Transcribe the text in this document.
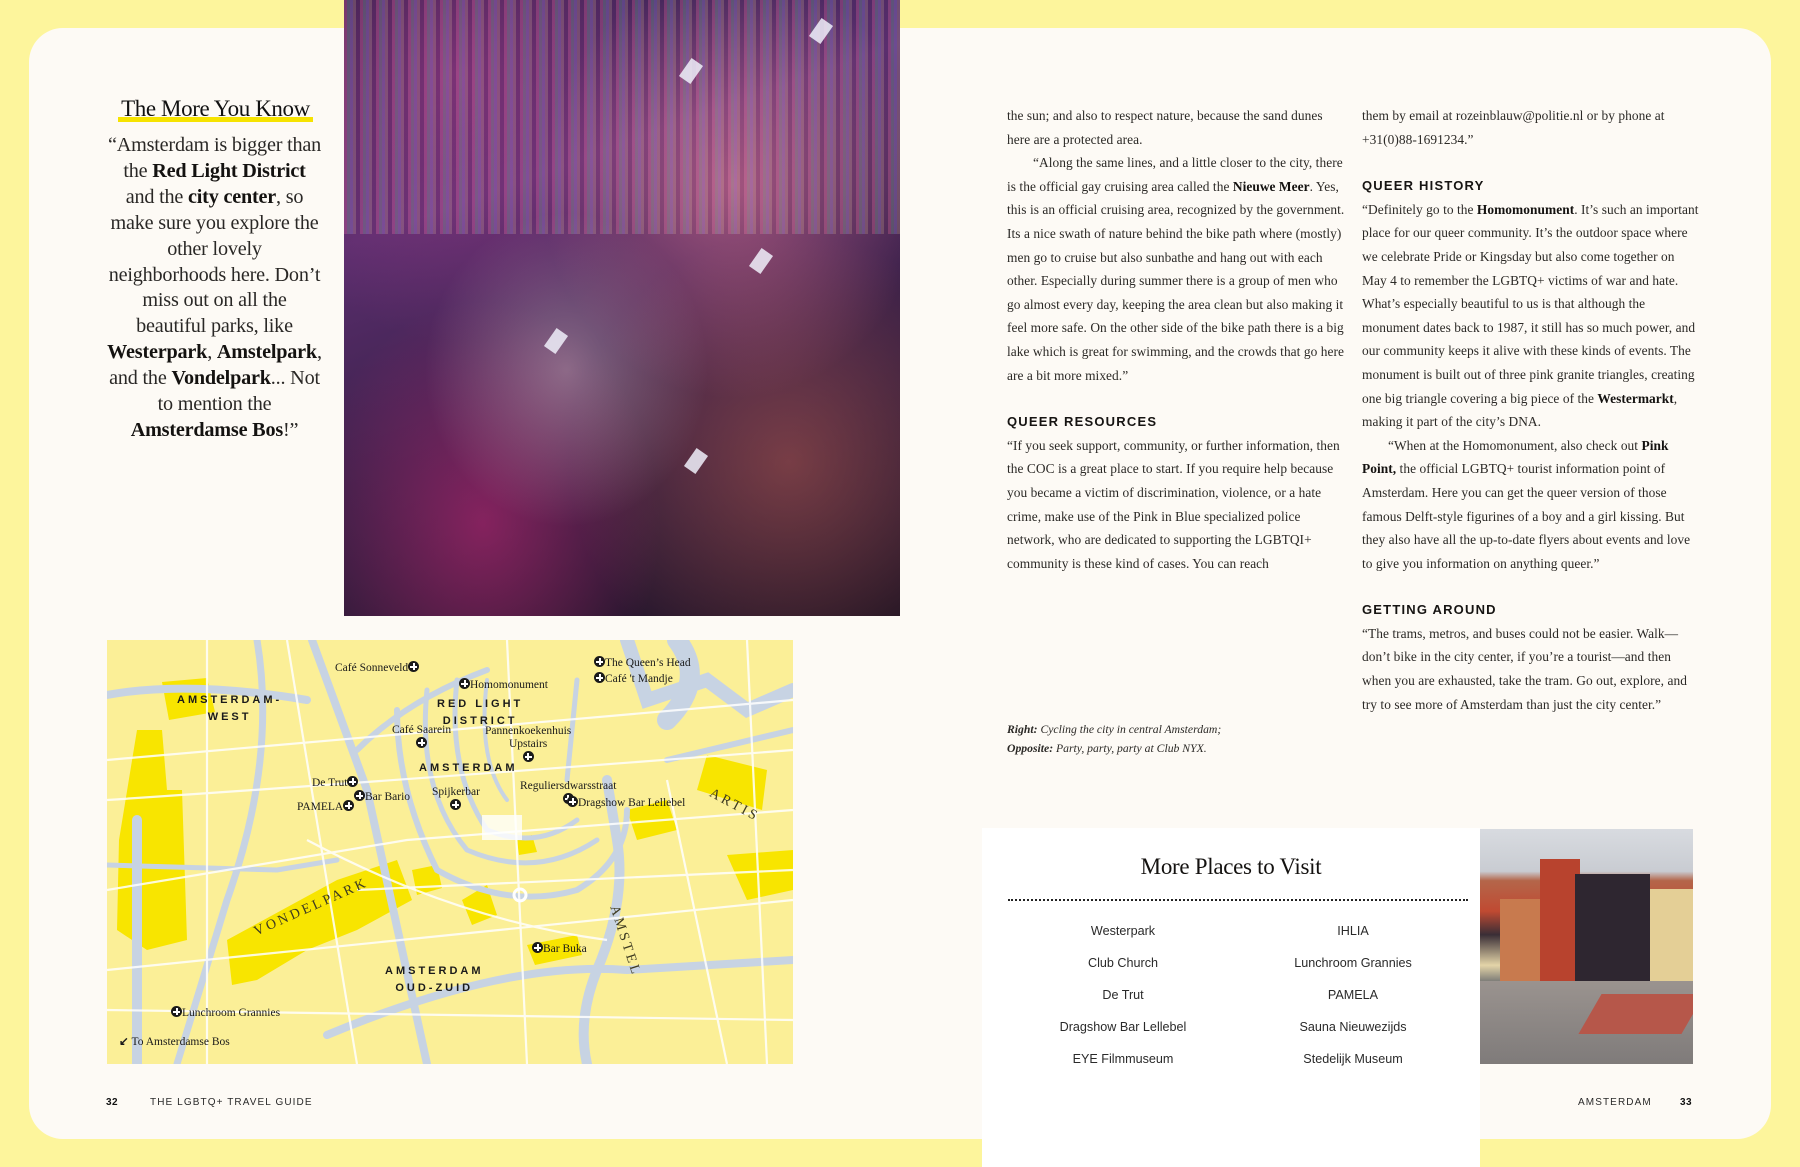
The More You Know
“Amsterdam is bigger than the Red Light District and the city center, so make sure you explore the other lovely neighborhoods here. Don’t miss out on all the beautiful parks, like Westerpark, Amstelpark, and the Vondelpark... Not to mention the Amsterdamse Bos!”
AMSTERDAM-
WEST
RED LIGHT
DISTRICT
AMSTERDAM
AMSTERDAM
OUD-ZUID
VONDELPARK
ARTIS
AMSTEL
Café Sonneveld
Homomonument
The Queen’s Head
Café 't Mandje
Café Saarein	Pannenkoekenhuis
Upstairs

De Trut
Bar Bario
PAMELA
Spijkerbar	Reguliersdwarsstraat

Dragshow Bar Lellebel
Bar Buka
Lunchroom Grannies
↙ To Amsterdamse Bos

the sun; and also to respect nature, because the sand dunes here are a protected area.

“Along the same lines, and a little closer to the city, there is the official gay cruising area called the Nieuwe Meer. Yes, this is an official cruising area, recognized by the government. Its a nice swath of nature behind the bike path where (mostly) men go to cruise but also sunbathe and hang out with each other. Especially during summer there is a group of men who go almost every day, keeping the area clean but also making it feel more safe. On the other side of the bike path there is a big lake which is great for swimming, and the crowds that go here are a bit more mixed.”

QUEER RESOURCES

“If you seek support, community, or further information, then the COC is a great place to start. If you require help because you became a victim of discrimination, violence, or a hate crime, make use of the Pink in Blue specialized police network, who are dedicated to supporting the LGBTQI+ community is these kind of cases. You can reach

them by email at rozeinblauw@politie.nl or by phone at +31(0)88-1691234.”

QUEER HISTORY

“Definitely go to the Homomonument. It’s such an important place for our queer community. It’s the outdoor space where we celebrate Pride or Kingsday but also come together on May 4 to remember the LGBTQ+ victims of war and hate. What’s especially beautiful to us is that although the monument dates back to 1987, it still has so much power, and our community keeps it alive with these kinds of events. The monument is built out of three pink granite triangles, creating one big triangle covering a big piece of the Westermarkt, making it part of the city’s DNA.

“When at the Homomonument, also check out Pink Point, the official LGBTQ+ tourist information point of Amsterdam. Here you can get the queer version of those famous Delft-style figurines of a boy and a girl kissing. But they also have all the up-to-date flyers about events and love to give you information on anything queer.”

GETTING AROUND

“The trams, metros, and buses could not be easier. Walk—don’t bike in the city center, if you’re a tourist—and then when you are exhausted, take the tram. Go out, explore, and try to see more of Amsterdam than just the city center.”

Right: Cycling the city in central Amsterdam; Opposite: Party, party, party at Club NYX.
More Places to Visit
Westerpark	IHLIA
Club Church	Lunchroom Grannies
De Trut	PAMELA
Dragshow Bar Lellebel	Sauna Nieuwezijds
EYE Filmmuseum	Stedelijk Museum
32	THE LGBTQ+ TRAVEL GUIDE	AMSTERDAM	33
